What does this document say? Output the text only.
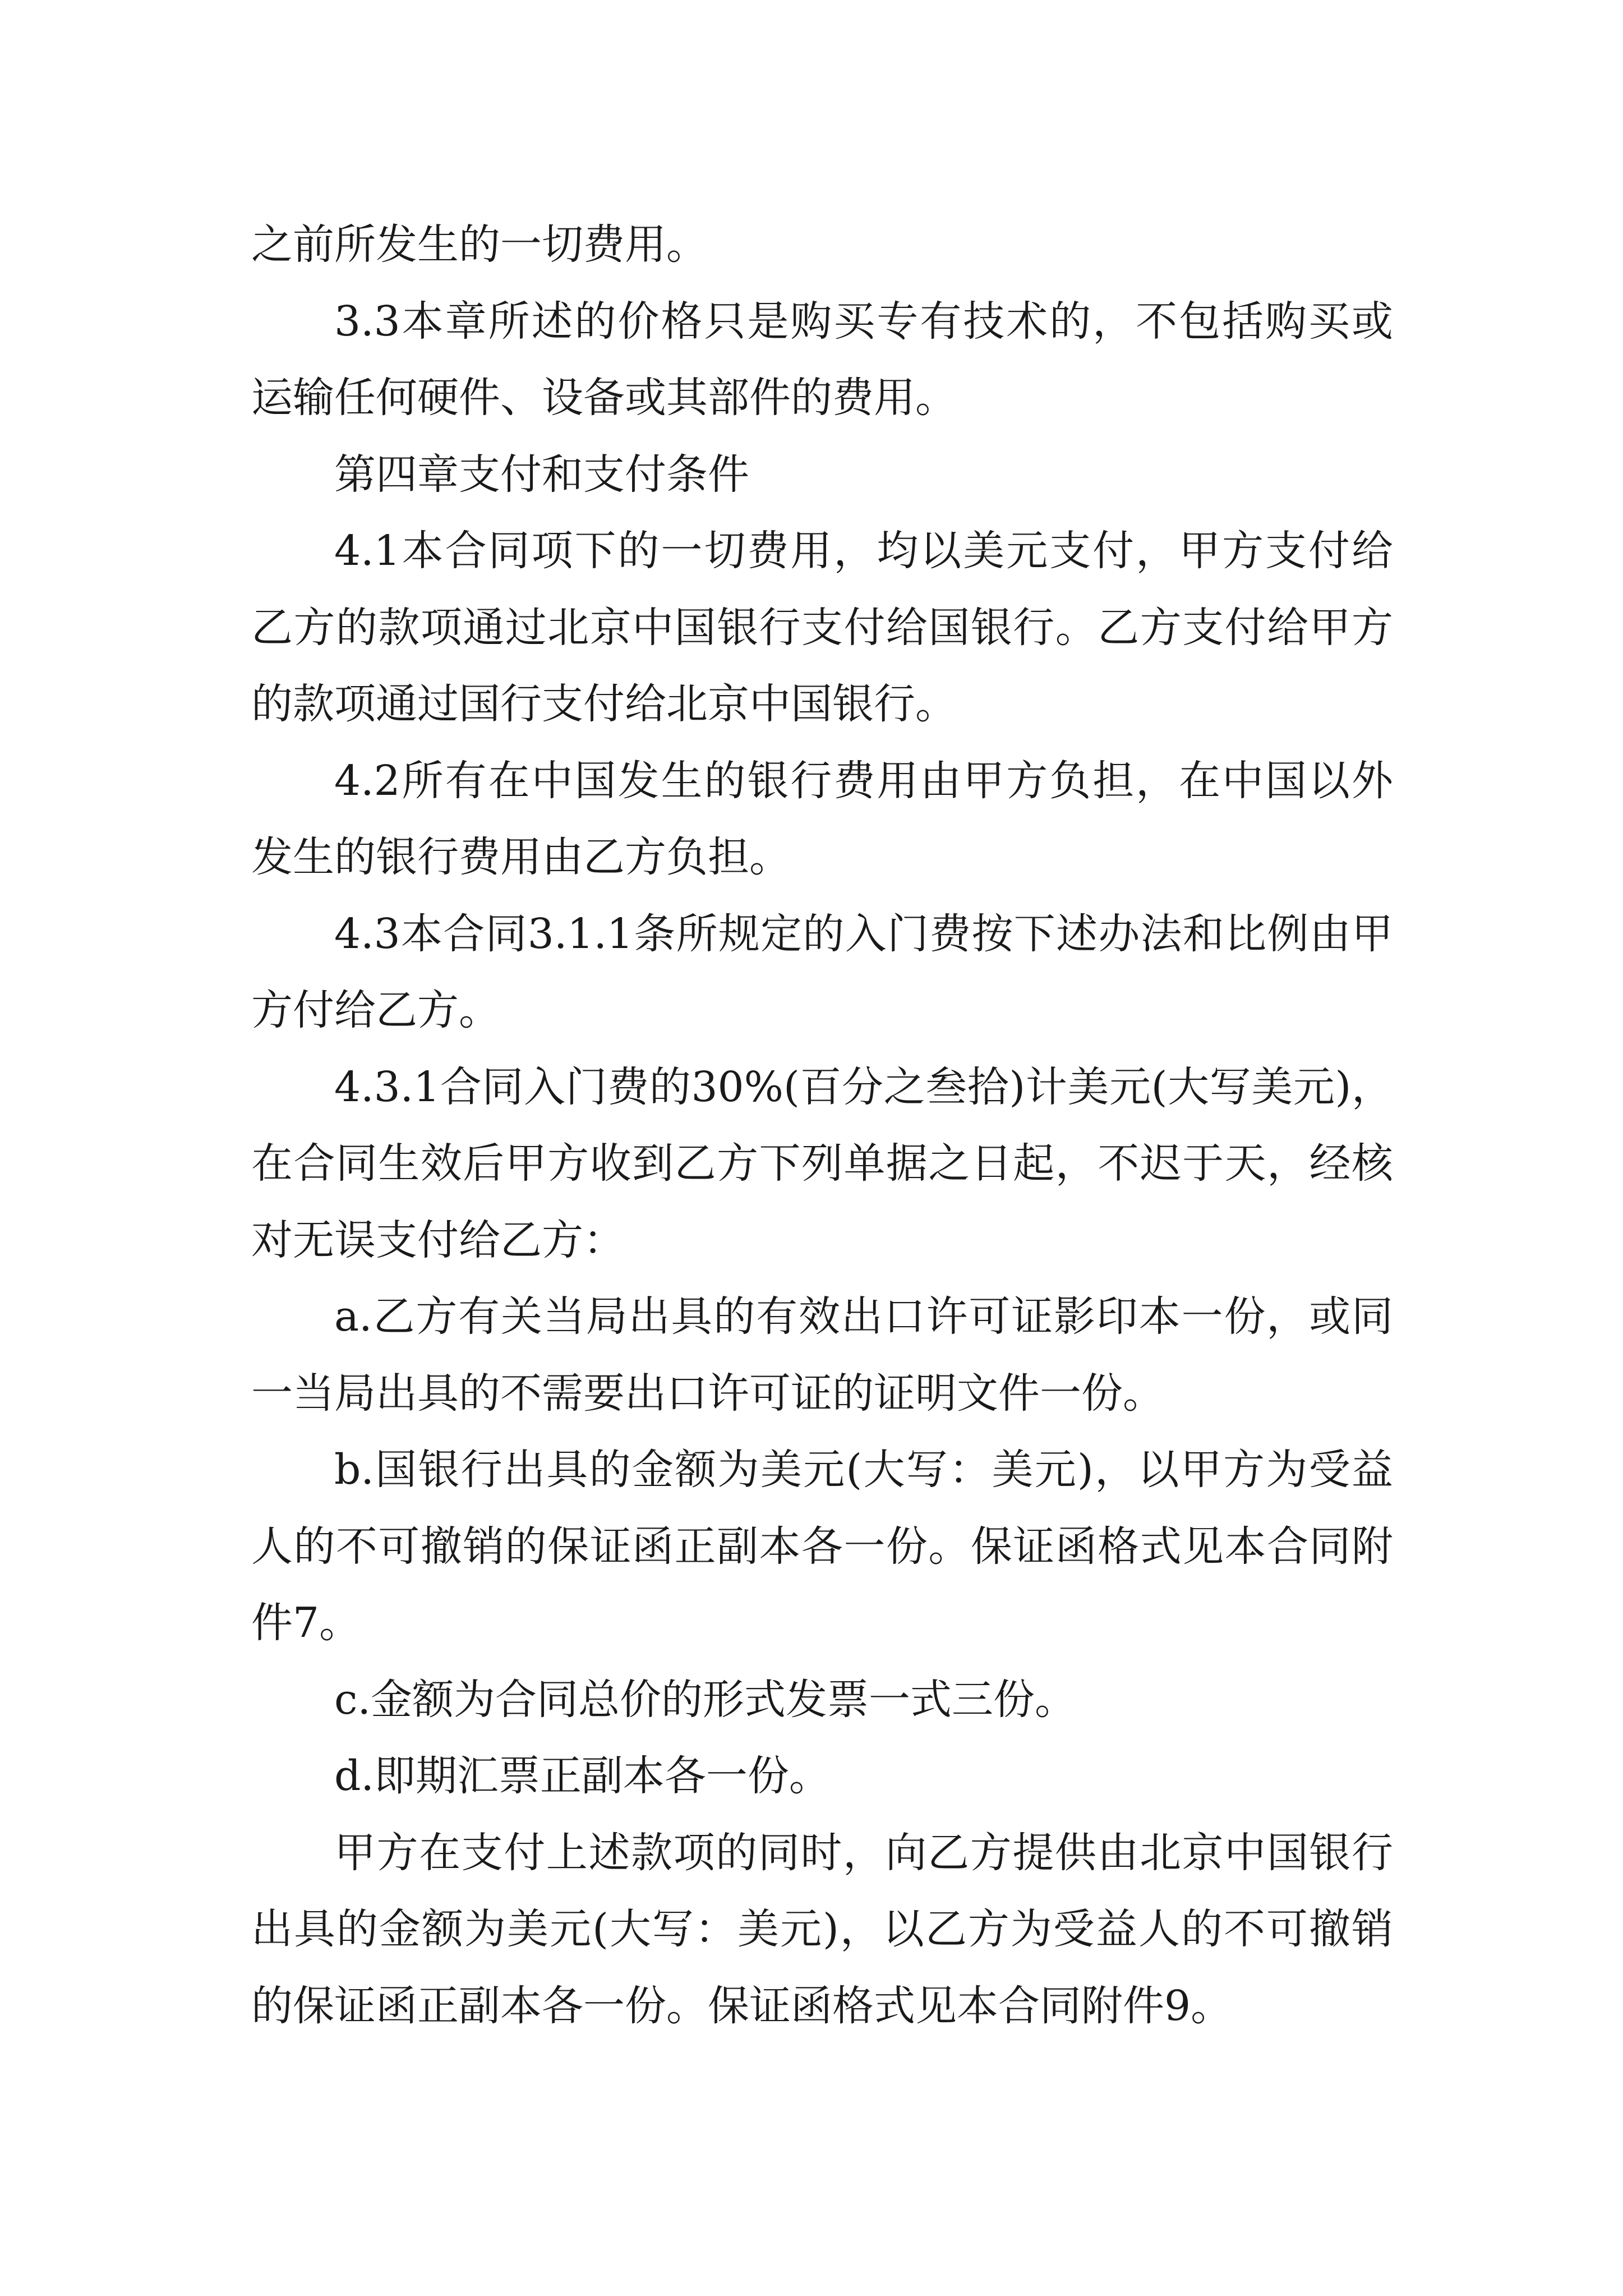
之前所发生的一切费用。

3.3本章所述的价格只是购买专有技术的，不包括购买或运输任何硬件、设备或其部件的费用。

第四章支付和支付条件

4.1本合同项下的一切费用，均以美元支付，甲方支付给乙方的款项通过北京中国银行支付给国银行。乙方支付给甲方的款项通过国行支付给北京中国银行。

4.2所有在中国发生的银行费用由甲方负担，在中国以外发生的银行费用由乙方负担。

4.3本合同3.1.1条所规定的入门费按下述办法和比例由甲方付给乙方。

4.3.1合同入门费的30%(百分之叁拾)计美元(大写美元)，在合同生效后甲方收到乙方下列单据之日起，不迟于天，经核对无误支付给乙方：

a.乙方有关当局出具的有效出口许可证影印本一份，或同一当局出具的不需要出口许可证的证明文件一份。

b.国银行出具的金额为美元(大写：美元)，以甲方为受益人的不可撤销的保证函正副本各一份。保证函格式见本合同附件7。

c.金额为合同总价的形式发票一式三份。

d.即期汇票正副本各一份。

甲方在支付上述款项的同时，向乙方提供由北京中国银行出具的金额为美元(大写：美元)，以乙方为受益人的不可撤销的保证函正副本各一份。保证函格式见本合同附件9。
